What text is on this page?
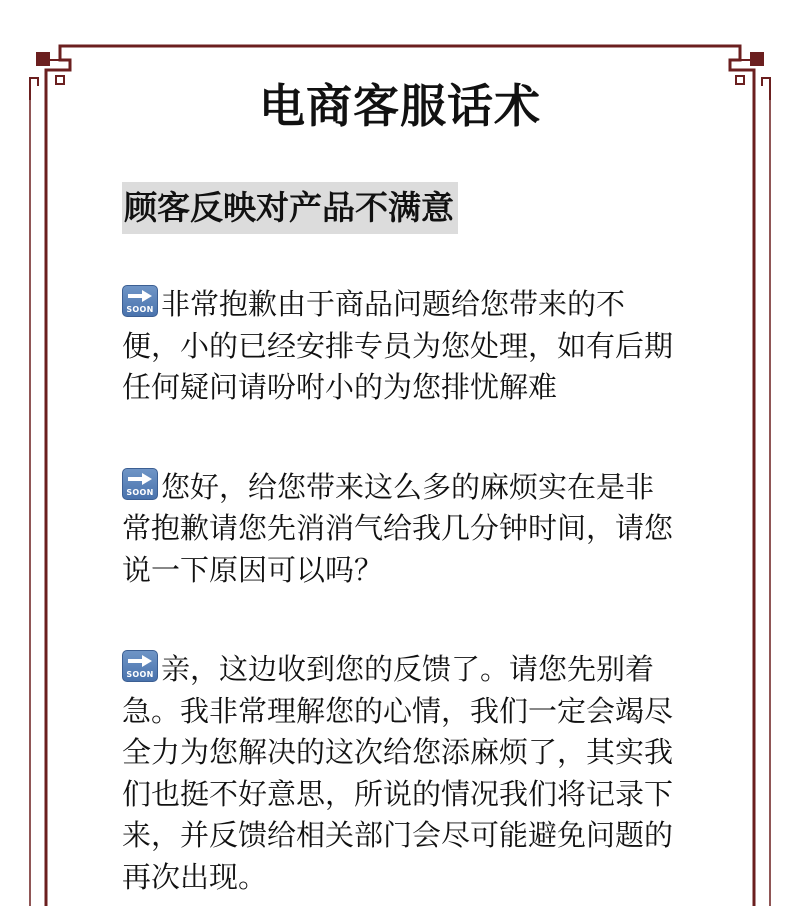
电商客服话术
顾客反映对产品不满意
SOON 非常抱歉由于商品问题给您带来的不便，小的已经安排专员为您处理，如有后期任何疑问请吩咐小的为您排忧解难
SOON 您好，给您带来这么多的麻烦实在是非常抱歉请您先消消气给我几分钟时间，请您说一下原因可以吗？
SOON 亲，这边收到您的反馈了。请您先别着急。我非常理解您的心情，我们一定会竭尽全力为您解决的这次给您添麻烦了，其实我们也挺不好意思，所说的情况我们将记录下来，并反馈给相关部门会尽可能避免问题的再次出现。
